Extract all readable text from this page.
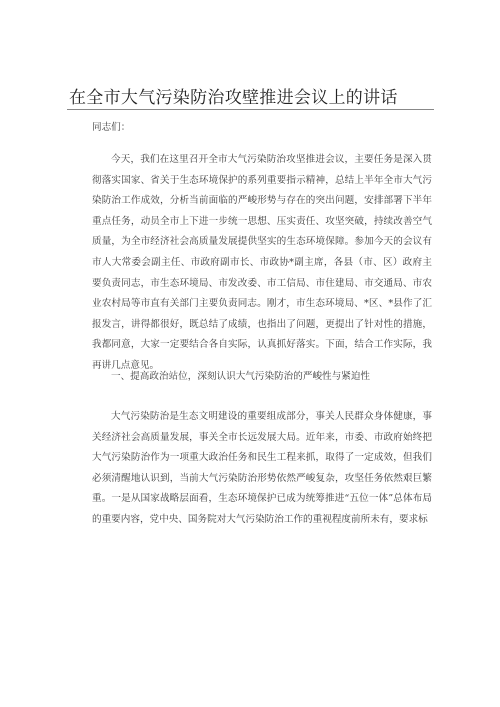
在全市大气污染防治攻壁推进会议上的讲话

同志们：

今天，我们在这里召开全市大气污染防治攻坚推进会议，主要任务是深入贯彻落实国家、省关于生态环境保护的系列重要指示精神，总结上半年全市大气污染防治工作成效，分析当前面临的严峻形势与存在的突出问题，安排部署下半年重点任务，动员全市上下进一步统一思想、压实责任、攻坚突破，持续改善空气质量，为全市经济社会高质量发展提供坚实的生态环境保障。参加今天的会议有市人大常委会副主任、市政府副市长、市政协*副主席，各县（市、区）政府主要负责同志，市生态环境局、市发改委、市工信局、市住建局、市交通局、市农业农村局等市直有关部门主要负责同志。刚才，市生态环境局、*区、*县作了汇报发言，讲得都很好，既总结了成绩，也指出了问题，更提出了针对性的措施，我都同意，大家一定要结合各自实际，认真抓好落实。下面，结合工作实际，我再讲几点意见。

一、提高政治站位，深刻认识大气污染防治的严峻性与紧迫性

大气污染防治是生态文明建设的重要组成部分，事关人民群众身体健康，事关经济社会高质量发展，事关全市长远发展大局。近年来，市委、市政府始终把大气污染防治作为一项重大政治任务和民生工程来抓，取得了一定成效，但我们必须清醒地认识到，当前大气污染防治形势依然严峻复杂，攻坚任务依然艰巨繁重。一是从国家战略层面看，生态环境保护已成为统筹推进“五位一体”总体布局的重要内容，党中央、国务院对大气污染防治工作的重视程度前所未有，要求标
